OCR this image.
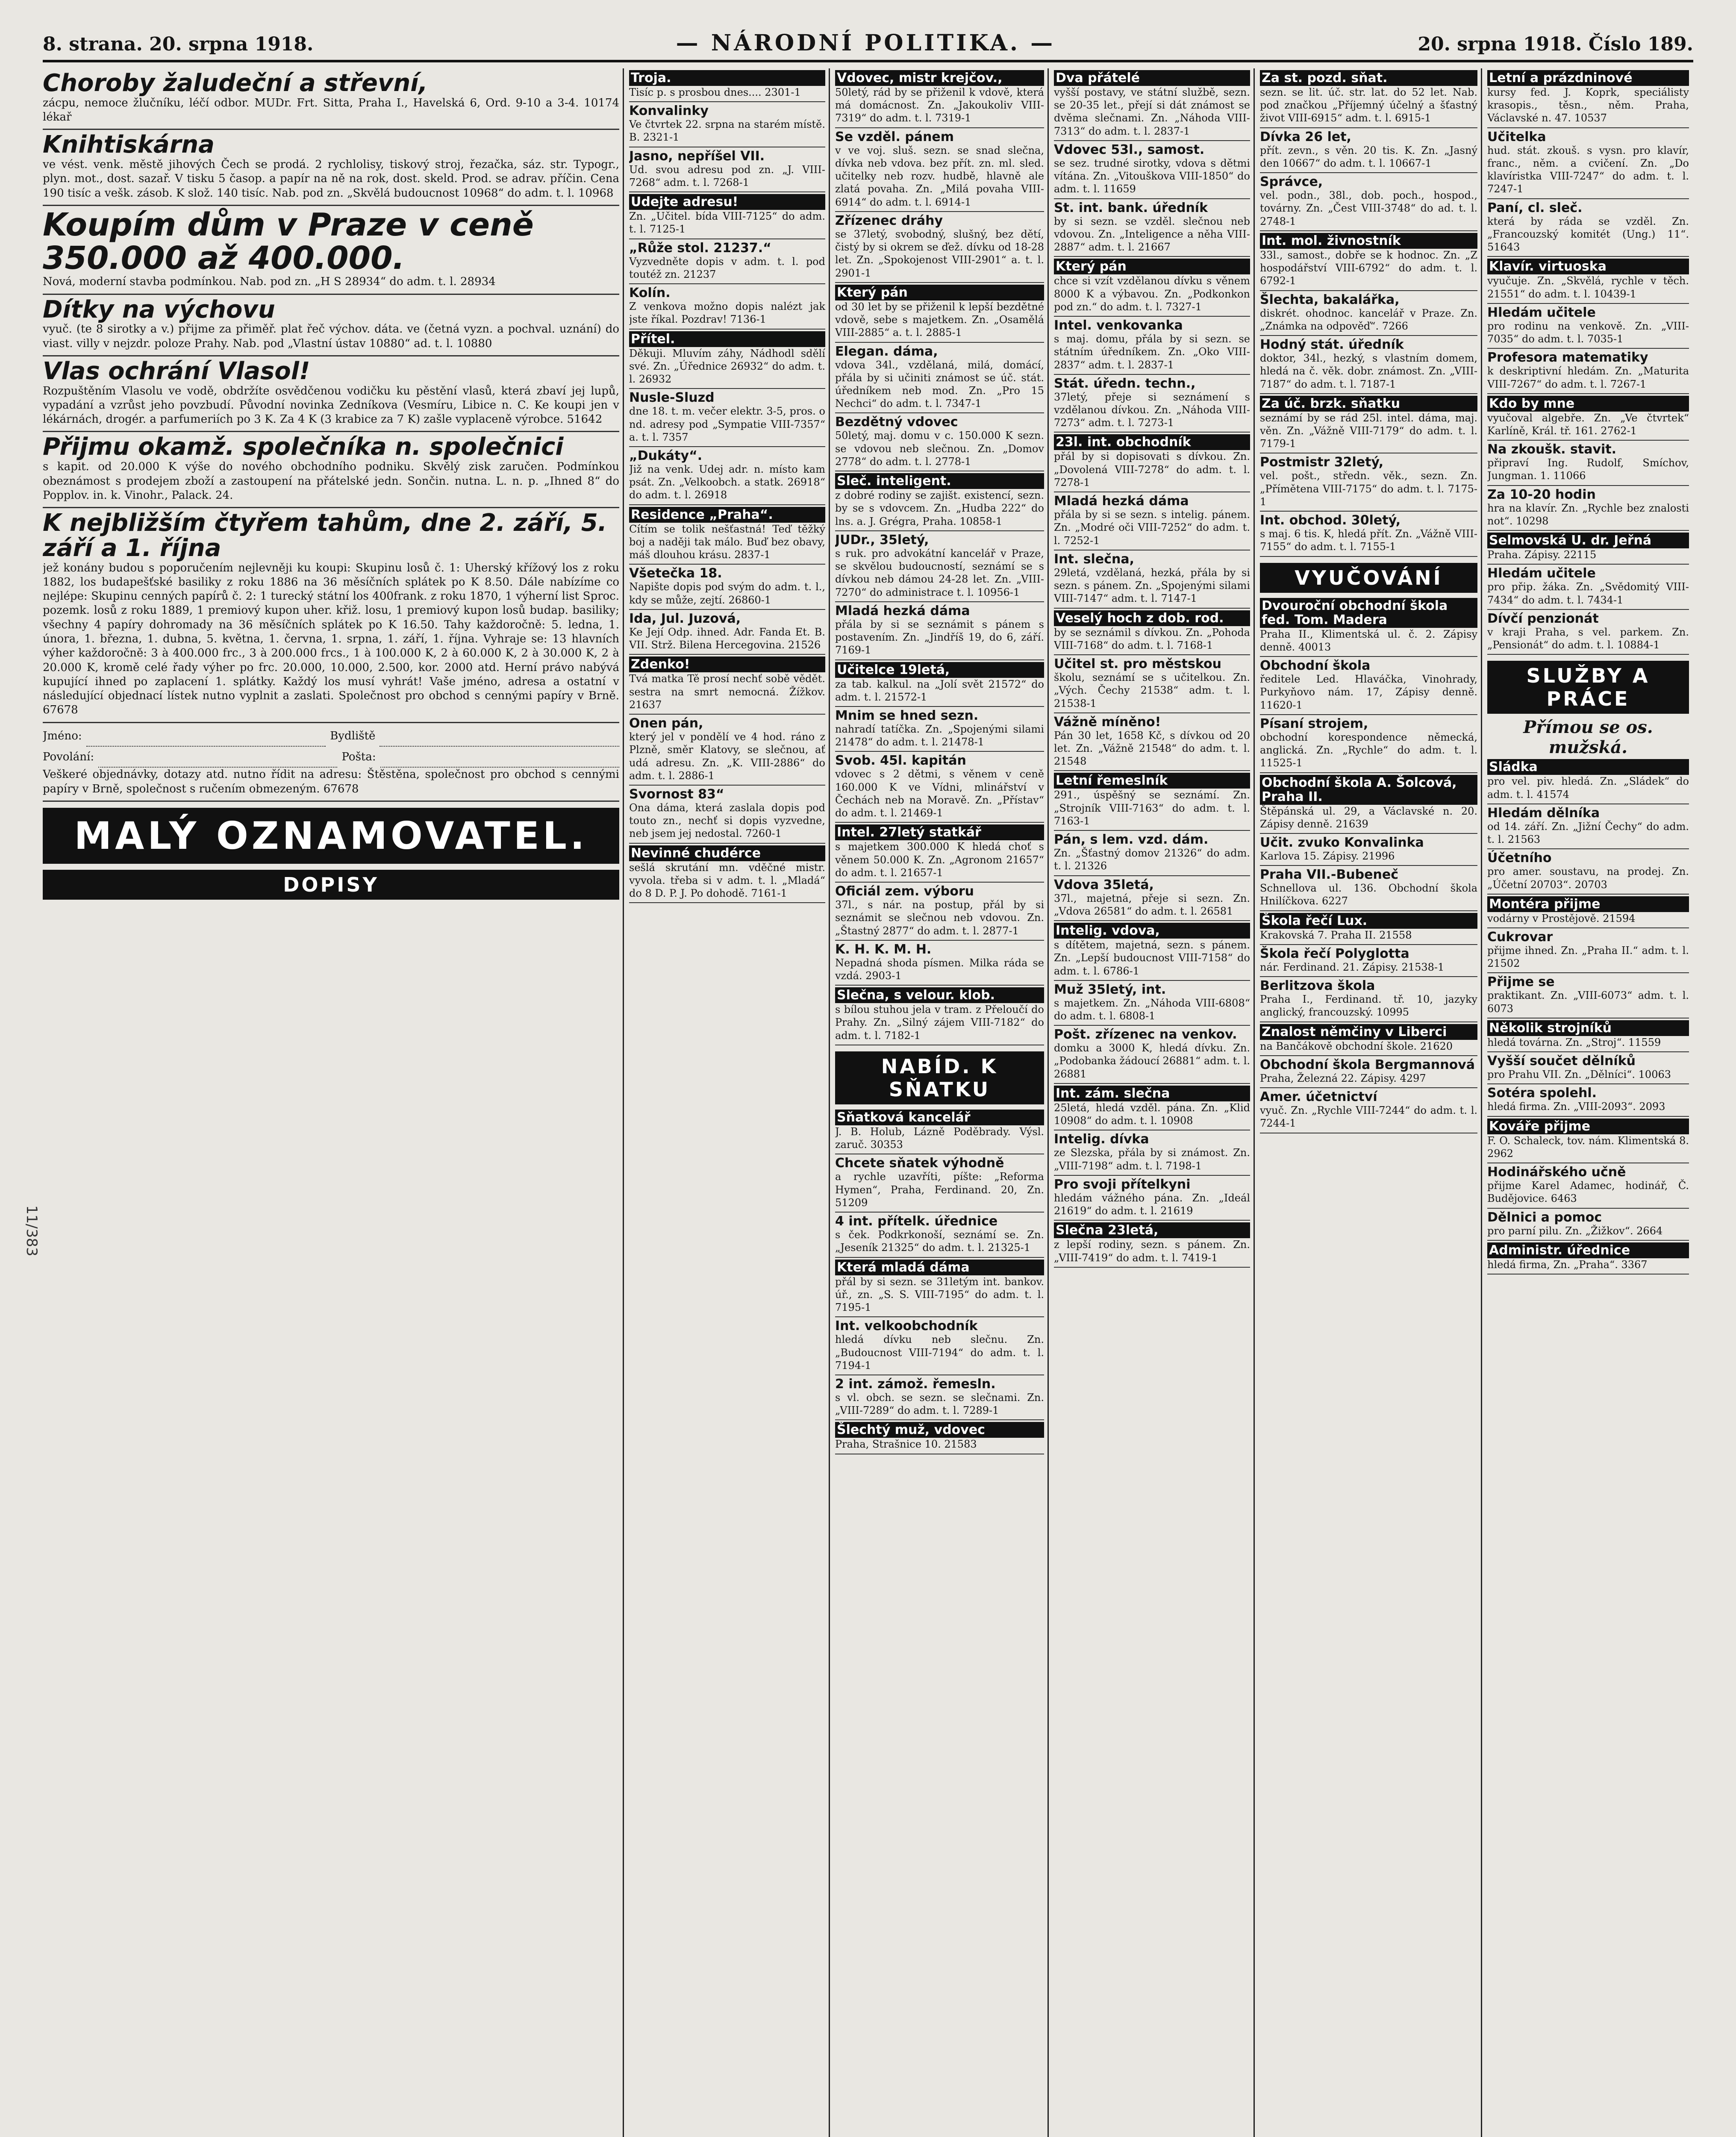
8. strana. 20. srpna 1918.	— NÁRODNÍ POLITIKA. —	20. srpna 1918. Číslo 189.
11/383
Choroby žaludeční a střevní,
zácpu, nemoce žlučníku, léčí odbor. MUDr. Frt. Sitta, Praha I., Havelská 6, Ord. 9-10 a 3-4. 10174 lékař
Knihtiskárna
ve vést. venk. městě jihových Čech se prodá. 2 rychlolisy, tiskový stroj, řezačka, sáz. str. Typogr., plyn. mot., dost. sazař. V tisku 5 časop. a papír na ně na rok, dost. skeld. Prod. se adrav. příčin. Cena 190 tisíc a vešk. zásob. K slož. 140 tisíc. Nab. pod zn. „Skvělá budoucnost 10968“ do adm. t. l. 10968
Koupím dům v Praze v ceně 350.000 až 400.000.
Nová, moderní stavba podmínkou. Nab. pod zn. „H S 28934“ do adm. t. l. 28934
Dítky na výchovu
vyuč. (te 8 sirotky a v.) přijme za přiměř. plat řeč výchov. dáta. ve (četná vyzn. a pochval. uznání) do viast. villy v nejzdr. poloze Prahy. Nab. pod „Vlastní ústav 10880“ ad. t. l. 10880
Vlas ochrání Vlasol!
Rozpuštěním Vlasolu ve vodě, obdržíte osvědčenou vodičku ku pěstění vlasů, která zbaví jej lupů, vypadání a vzrůst jeho povzbudí. Původní novinka Zedníkova (Vesmíru, Libice n. C. Ke koupi jen v lékárnách, drogér. a parfumeriích po 3 K. Za 4 K (3 krabice za 7 K) zašle vyplaceně výrobce. 51642
Přijmu okamž. společníka n. společnici
s kapit. od 20.000 K výše do nového obchodního podniku. Skvělý zisk zaručen. Podmínkou obeznámost s prodejem zboží a zastoupení na přátelské jedn. Sončin. nutna. L. n. p. „Ihned 8“ do Popplov. in. k. Vinohr., Palack. 24.
K nejbližším čtyřem tahům, dne 2. září, 5. září a 1. října
jež konány budou s poporučením nejlevněji ku koupi: Skupinu losů č. 1: Uherský křížový los z roku 1882, los budapešťské basiliky z roku 1886 na 36 měsíčních splátek po K 8.50. Dále nabízíme co nejlépe: Skupinu cenných papírů č. 2: 1 turecký státní los 400frank. z roku 1870, 1 výherní list Sproc. pozemk. losů z roku 1889, 1 premiový kupon uher. křiž. losu, 1 premiový kupon losů budap. basiliky; všechny 4 papíry dohromady na 36 měsíčních splátek po K 16.50. Tahy každoročně: 5. ledna, 1. února, 1. března, 1. dubna, 5. května, 1. června, 1. srpna, 1. září, 1. října. Vyhraje se: 13 hlavních výher každoročně: 3 à 400.000 frc., 3 à 200.000 frcs., 1 à 100.000 K, 2 à 60.000 K, 2 à 30.000 K, 2 à 20.000 K, kromě celé řady výher po frc. 20.000, 10.000, 2.500, kor. 2000 atd. Herní právo nabývá kupující ihned po zaplacení 1. splátky. Každý los musí vyhrát! Vaše jméno, adresa a ostatní v následující objednací lístek nutno vyplnit a zaslati. Společnost pro obchod s cennými papíry v Brně. 67678
Jméno:	Bydliště
Povolání:	Pošta:
Veškeré objednávky, dotazy atd. nutno řídit na adresu: Štěstěna, společnost pro obchod s cennými papíry v Brně, společnost s ručením obmezeným. 67678
MALÝ OZNAMOVATEL.
DOPISY
Troja.
Tisíc p. s prosbou dnes.... 2301-1
Konvalinky
Ve čtvrtek 22. srpna na starém místě. B. 2321-1
Jasno, nepříšel VII.
Ud. svou adresu pod zn. „J. VIII-7268“ adm. t. l. 7268-1
Udejte adresu!
Zn. „Učitel. bída VIII-7125“ do adm. t. l. 7125-1
„Růže stol. 21237.“
Vyzvedněte dopis v adm. t. l. pod toutéž zn. 21237
Kolín.
Z venkova možno dopis nalézt jak jste říkal. Pozdrav! 7136-1
Přítel.
Děkuji. Mluvím záhy, Nádhodl sdělí své. Zn. „Úřednice 26932“ do adm. t. l. 26932
Nusle-Sluzd
dne 18. t. m. večer elektr. 3-5, pros. o nd. adresy pod „Sympatie VIII-7357“ a. t. l. 7357
„Dukáty“.
Již na venk. Udej adr. n. místo kam psát. Zn. „Velkoobch. a statk. 26918“ do adm. t. l. 26918
Residence „Praha“.
Cítím se tolik nešťastná! Teď těžký boj a naději tak málo. Buď bez obavy, máš dlouhou krásu. 2837-1
Všetečka 18.
Napište dopis pod svým do adm. t. l., kdy se může, zejtí. 26860-1
Ida, Jul. Juzová,
Ke Její Odp. ihned. Adr. Fanda Et. B. VII. Strž. Bilena Hercegovina. 21526
Zdenko!
Tvá matka Tě prosí nechť sobě vědět. sestra na smrt nemocná. Žížkov. 21637
Onen pán,
který jel v pondělí ve 4 hod. ráno z Plzně, směr Klatovy, se slečnou, ať udá adresu. Zn. „K. VIII-2886“ do adm. t. l. 2886-1
Svornost 83“
Ona dáma, která zaslala dopis pod touto zn., nechť si dopis vyzvedne, neb jsem jej nedostal. 7260-1
Nevinné chudérce
sešlá skrutání mn. vděčné mistr. vyvola. třeba si v adm. t. l. „Mladá“ do 8 D. P. J. Po dohodě. 7161-1
Vdovec, mistr krejčov.,
50letý, rád by se přiženil k vdově, která má domácnost. Zn. „Jakoukoliv VIII-7319“ do adm. t. l. 7319-1
Se vzděl. pánem
v ve voj. sluš. sezn. se snad slečna, dívka neb vdova. bez přít. zn. ml. sled. učitelky neb rozv. hudbě, hlavně ale zlatá povaha. Zn. „Milá povaha VIII-6914“ do adm. t. l. 6914-1
Zřízenec dráhy
se 37letý, svobodný, slušný, bez dětí, čistý by si okrem se ďež. dívku od 18-28 let. Zn. „Spokojenost VIII-2901“ a. t. l. 2901-1
Který pán
od 30 let by se přiženil k lepší bezdětné vdově, sebe s majetkem. Zn. „Osamělá VIII-2885“ a. t. l. 2885-1
Elegan. dáma,
vdova 34l., vzdělaná, milá, domácí, přála by si učiniti známost se úč. stát. úředníkem neb mod. Zn. „Pro 15 Nechci“ do adm. t. l. 7347-1
Bezdětný vdovec
50letý, maj. domu v c. 150.000 K sezn. se vdovou neb slečnou. Zn. „Domov 2778“ do adm. t. l. 2778-1
Sleč. inteligent.
z dobré rodiny se zajišt. existencí, sezn. by se s vdovcem. Zn. „Hudba 222“ do lns. a. J. Grégra, Praha. 10858-1
JUDr., 35letý,
s ruk. pro advokátní kancelář v Praze, se skvělou budoucností, seznámí se s dívkou neb dámou 24-28 let. Zn. „VIII-7270“ do administrace t. l. 10956-1
Mladá hezká dáma
přála by si se seznámit s pánem s postavením. Zn. „Jindříš 19, do 6, září. 7169-1
Učitelce 19letá,
za tab. kalkul. na „Jolí svět 21572“ do adm. t. l. 21572-1
Mnim se hned sezn.
nahradí tatíčka. Zn. „Spojenými silami 21478“ do adm. t. l. 21478-1
Svob. 45l. kapitán
vdovec s 2 dětmi, s věnem v ceně 160.000 K ve Vídni, mlinářství v Čechách neb na Moravě. Zn. „Přístav“ do adm. t. l. 21469-1
Intel. 27letý statkář
s majetkem 300.000 K hledá choť s věnem 50.000 K. Zn. „Agronom 21657“ do adm. t. l. 21657-1
Oficiál zem. výboru
37l., s nár. na postup, přál by si seznámit se slečnou neb vdovou. Zn. „Štastný 2877“ do adm. t. l. 2877-1
K. H. K. M. H.
Nepadná shoda písmen. Milka ráda se vzdá. 2903-1
Slečna, s velour. klob.
s bílou stuhou jela v tram. z Přeloučí do Prahy. Zn. „Silný zájem VIII-7182“ do adm. t. l. 7182-1
NABÍD. K SŇATKU
Sňatková kancelář
J. B. Holub, Lázně Poděbrady. Výsl. zaruč. 30353
Chcete sňatek výhodně
a rychle uzavříti, píšte: „Reforma Hymen“, Praha, Ferdinand. 20, Zn. 51209
4 int. přítelk. úřednice
s ček. Podkrkonoší, seznámí se. Zn. „Jeseník 21325“ do adm. t. l. 21325-1
Která mladá dáma
přál by si sezn. se 31letým int. bankov. úř., zn. „S. S. VIII-7195“ do adm. t. l. 7195-1
Int. velkoobchodník
hledá dívku neb slečnu. Zn. „Budoucnost VIII-7194“ do adm. t. l. 7194-1
2 int. zámož. řemesln.
s vl. obch. se sezn. se slečnami. Zn. „VIII-7289“ do adm. t. l. 7289-1
Šlechtý muž, vdovec
Praha, Strašnice 10. 21583
Dva přátelé
vyšší postavy, ve státní službě, sezn. se 20-35 let., přejí si dát známost se dvěma slečnami. Zn. „Náhoda VIII-7313“ do adm. t. l. 2837-1
Vdovec 53l., samost.
se sez. trudné sirotky, vdova s dětmi vítána. Zn. „Vitouškova VIII-1850“ do adm. t. l. 11659
St. int. bank. úředník
by si sezn. se vzděl. slečnou neb vdovou. Zn. „Inteligence a něha VIII-2887“ adm. t. l. 21667
Který pán
chce si vzít vzdělanou dívku s věnem 8000 K a výbavou. Zn. „Podkonkon pod zn.“ do adm. t. l. 7327-1
Intel. venkovanka
s maj. domu, přála by si sezn. se státním úředníkem. Zn. „Oko VIII-2837“ adm. t. l. 2837-1
Stát. úředn. techn.,
37letý, přeje si seznámení s vzdělanou dívkou. Zn. „Náhoda VIII-7273“ adm. t. l. 7273-1
23l. int. obchodník
přál by si dopisovati s dívkou. Zn. „Dovolená VIII-7278“ do adm. t. l. 7278-1
Mladá hezká dáma
přála by si se sezn. s intelig. pánem. Zn. „Modré oči VIII-7252“ do adm. t. l. 7252-1
Int. slečna,
29letá, vzdělaná, hezká, přála by si sezn. s pánem. Zn. „Spojenými silami VIII-7147“ adm. t. l. 7147-1
Veselý hoch z dob. rod.
by se seznámil s dívkou. Zn. „Pohoda VIII-7168“ do adm. t. l. 7168-1
Učitel st. pro městskou
školu, seznámí se s učitelkou. Zn. „Vých. Čechy 21538“ adm. t. l. 21538-1
Vážně míněno!
Pán 30 let, 1658 Kč, s dívkou od 20 let. Zn. „Vážně 21548“ do adm. t. l. 21548
Letní řemeslník
291., úspěšný se seznámí. Zn. „Strojník VIII-7163“ do adm. t. l. 7163-1
Pán, s lem. vzd. dám.
Zn. „Šťastný domov 21326“ do adm. t. l. 21326
Vdova 35letá,
37l., majetná, přeje si sezn. Zn. „Vdova 26581“ do adm. t. l. 26581
Intelig. vdova,
s dítětem, majetná, sezn. s pánem. Zn. „Lepší budoucnost VIII-7158“ do adm. t. l. 6786-1
Muž 35letý, int.
s majetkem. Zn. „Náhoda VIII-6808“ do adm. t. l. 6808-1
Pošt. zřízenec na venkov.
domku a 3000 K, hledá dívku. Zn. „Podobanka žádoucí 26881“ adm. t. l. 26881
Int. zám. slečna
25letá, hledá vzděl. pána. Zn. „Klid 10908“ do adm. t. l. 10908
Intelig. dívka
ze Slezska, přála by si známost. Zn. „VIII-7198“ adm. t. l. 7198-1
Pro svoji přítelkyni
hledám vážného pána. Zn. „Ideál 21619“ do adm. t. l. 21619
Slečna 23letá,
z lepší rodiny, sezn. s pánem. Zn. „VIII-7419“ do adm. t. l. 7419-1
Za st. pozd. sňat.
sezn. se lit. úč. str. lat. do 52 let. Nab. pod značkou „Příjemný účelný a šťastný život VIII-6915“ adm. t. l. 6915-1
Dívka 26 let,
přít. zevn., s věn. 20 tis. K. Zn. „Jasný den 10667“ do adm. t. l. 10667-1
Správce,
vel. podn., 38l., dob. poch., hospod., továrny. Zn. „Čest VIII-3748“ do ad. t. l. 2748-1
Int. mol. živnostník
33l., samost., dobře se k hodnoc. Zn. „Z hospodářství VIII-6792“ do adm. t. l. 6792-1
Šlechta, bakalářka,
diskrét. ohodnoc. kancelář v Praze. Zn. „Známka na odpověď“. 7266
Hodný stát. úředník
doktor, 34l., hezký, s vlastním domem, hledá na č. věk. dobr. známost. Zn. „VIII-7187“ do adm. t. l. 7187-1
Za úč. brzk. sňatku
seznámí by se rád 25l. intel. dáma, maj. věn. Zn. „Vážně VIII-7179“ do adm. t. l. 7179-1
Postmistr 32letý,
vel. pošt., středn. věk., sezn. Zn. „Přímětena VIII-7175“ do adm. t. l. 7175-1
Int. obchod. 30letý,
s maj. 6 tis. K, hledá přít. Zn. „Vážně VIII-7155“ do adm. t. l. 7155-1
VYUČOVÁNÍ
Dvouroční obchodní škola fed. Tom. Madera
Praha II., Klimentská ul. č. 2. Zápisy denně. 40013
Obchodní škola
ředitele Led. Hlaváčka, Vinohrady, Purkyňovo nám. 17, Zápisy denně. 11620-1
Písaní strojem,
obchodní korespondence německá, anglická. Zn. „Rychle“ do adm. t. l. 11525-1
Obchodní škola A. Šolcová, Praha II.
Štěpánská ul. 29, a Václavské n. 20. Zápisy denně. 21639
Učit. zvuko Konvalinka
Karlova 15. Zápisy. 21996
Praha VII.-Bubeneč
Schnellova ul. 136. Obchodní škola Hnilíčkova. 6227
Škola řečí Lux.
Krakovská 7. Praha II. 21558
Škola řečí Polyglotta
nár. Ferdinand. 21. Zápisy. 21538-1
Berlitzova škola
Praha I., Ferdinand. tř. 10, jazyky anglický, francouzský. 10995
Znalost němčiny v Liberci
na Bančákově obchodní škole. 21620
Obchodní škola Bergmannová
Praha, Železná 22. Zápisy. 4297
Amer. účetnictví
vyuč. Zn. „Rychle VIII-7244“ do adm. t. l. 7244-1
Letní a prázdninové
kursy fed. J. Koprk, speciálisty krasopis., těsn., něm. Praha, Václavské n. 47. 10537
Učitelka
hud. stát. zkouš. s vysn. pro klavír, franc., něm. a cvičení. Zn. „Do klavíristka VIII-7247“ do adm. t. l. 7247-1
Paní, cl. sleč.
která by ráda se vzděl. Zn. „Francouzský komitét (Ung.) 11“. 51643
Klavír. virtuoska
vyučuje. Zn. „Skvělá, rychle v těch. 21551“ do adm. t. l. 10439-1
Hledám učitele
pro rodinu na venkově. Zn. „VIII-7035“ do adm. t. l. 7035-1
Profesora matematiky
k deskriptivní hledám. Zn. „Maturita VIII-7267“ do adm. t. l. 7267-1
Kdo by mne
vyučoval algebře. Zn. „Ve čtvrtek“ Karlíně, Král. tř. 161. 2762-1
Na zkoušk. stavit.
připraví Ing. Rudolf, Smíchov, Jungman. 1. 11066
Za 10-20 hodin
hra na klavír. Zn. „Rychle bez znalosti not“. 10298
Selmovská U. dr. Jeřná
Praha. Zápisy. 22115
Hledám učitele
pro přip. žáka. Zn. „Svědomitý VIII-7434“ do adm. t. l. 7434-1
Dívčí penzionát
v kraji Praha, s vel. parkem. Zn. „Pensionát“ do adm. t. l. 10884-1
SLUŽBY A PRÁCE
Přímou se os. mužská.
Sládka
pro vel. piv. hledá. Zn. „Sládek“ do adm. t. l. 41574
Hledám dělníka
od 14. září. Zn. „Jižní Čechy“ do adm. t. l. 21563
Účetního
pro amer. soustavu, na prodej. Zn. „Účetní 20703“. 20703
Montéra přijme
vodárny v Prostějově. 21594
Cukrovar
přijme ihned. Zn. „Praha II.“ adm. t. l. 21502
Přijme se
praktikant. Zn. „VIII-6073“ adm. t. l. 6073
Několik strojníků
hledá továrna. Zn. „Stroj“. 11559
Vyšší součet dělníků
pro Prahu VII. Zn. „Dělníci“. 10063
Sotéra spolehl.
hledá firma. Zn. „VIII-2093“. 2093
Kováře přijme
F. O. Schaleck, tov. nám. Klimentská 8. 2962
Hodinářského učně
přijme Karel Adamec, hodinář, Č. Budějovice. 6463
Dělnici a pomoc
pro parní pilu. Zn. „Žižkov“. 2664
Administr. úřednice
hledá firma, Zn. „Praha“. 3367
